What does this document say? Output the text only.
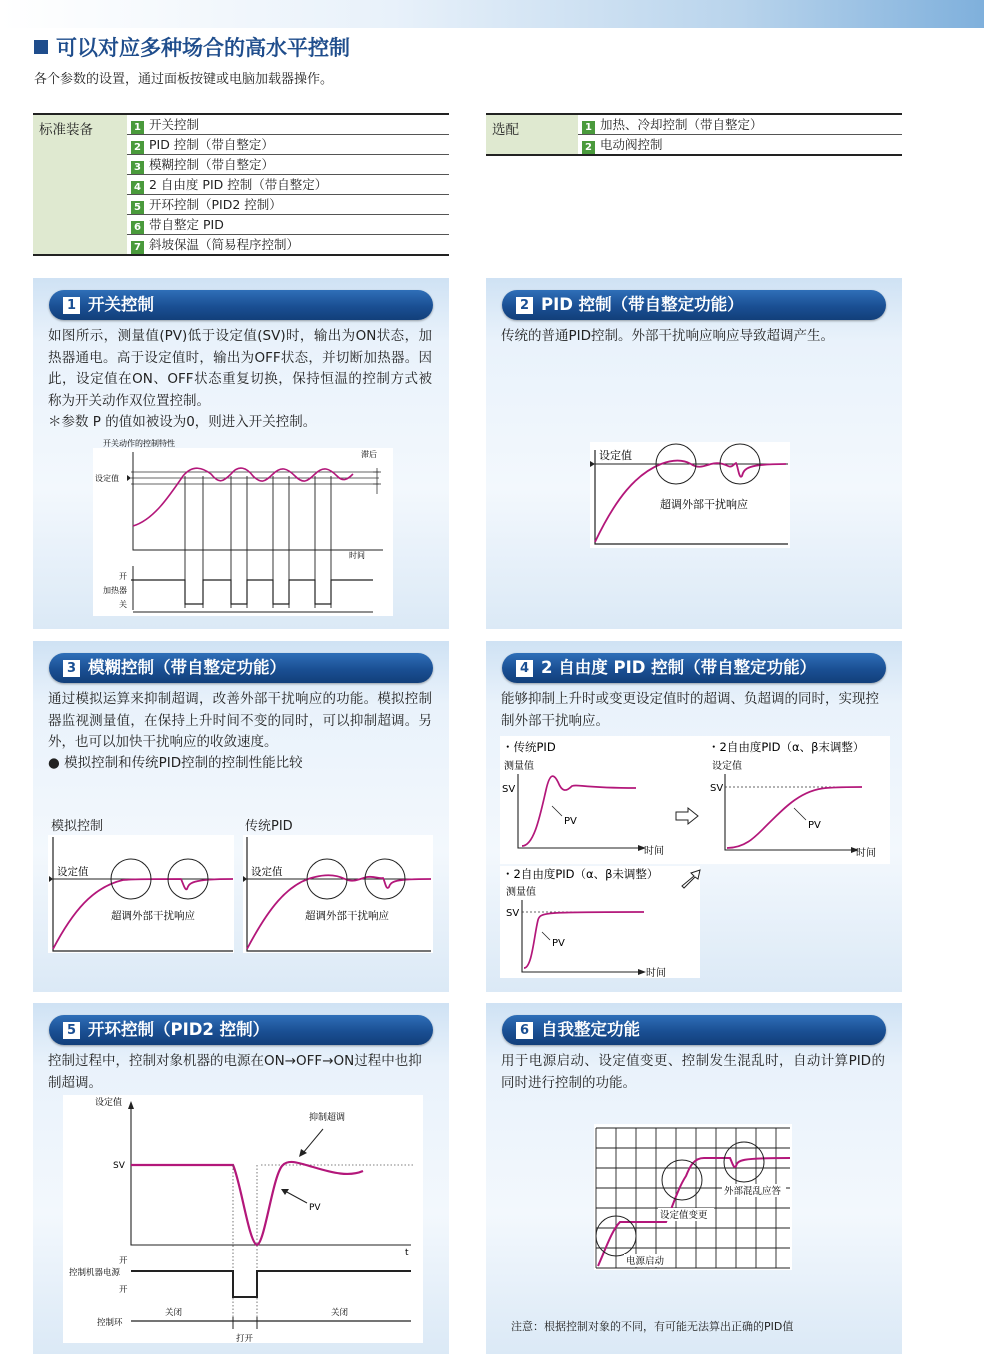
可以对应多种场合的高水平控制
各个参数的设置，通过面板按键或电脑加载器操作。
标准装备	1 开关控制
2 PID 控制（带自整定）
3 模糊控制（带自整定）
4 2 自由度 PID 控制（带自整定）
5 开环控制（PID2 控制）
6 带自整定 PID
7 斜坡保温（简易程序控制）
选配	1 加热、冷却控制（带自整定）
2 电动阀控制
1 开关控制
如图所示，测量值(PV)低于设定值(SV)时，输出为ON状态，加热器通电。高于设定值时，输出为OFF状态，并切断加热器。因此，设定值在ON、OFF状态重复切换，保持恒温的控制方式被称为开关动作双位置控制。
＊参数 P 的值如被设为0，则进入开关控制。
开关动作的控制特性
设定值
滞后
时间
开
加热器
关
2 PID 控制（带自整定功能）
传统的普通PID控制。外部干扰响应响应导致超调产生。
设定值
超调外部干扰响应
3 模糊控制（带自整定功能）
通过模拟运算来抑制超调，改善外部干扰响应的功能。模拟控制器监视测量值，在保持上升时间不变的同时，可以抑制超调。另外，也可以加快干扰响应的收敛速度。
● 模拟控制和传统PID控制的控制性能比较
模拟控制	传统PID
设定值
超调外部干扰响应
设定值
超调外部干扰响应
4 2 自由度 PID 控制（带自整定功能）
能够抑制上升时或变更设定值时的超调、负超调的同时，实现控制外部干扰响应。
・传统PID
测量值
SV
PV
时间
・2自由度PID（α、β末调整）
设定值
SV
PV
时间
・2自由度PID（α、β未调整）
测量值
SV
PV
时间
5 开环控制（PID2 控制）
控制过程中，控制对象机器的电源在ON→OFF→ON过程中也抑制超调。
设定值
t
SV
抑制超调
PV
开
控制机器电源
开
控制环
关闭	关闭
打开
6 自我整定功能
用于电源启动、设定值变更、控制发生混乱时，自动计算PID的同时进行控制的功能。
外部混乱应答
设定值变更
电源启动
注意：根据控制对象的不同，有可能无法算出正确的PID值
